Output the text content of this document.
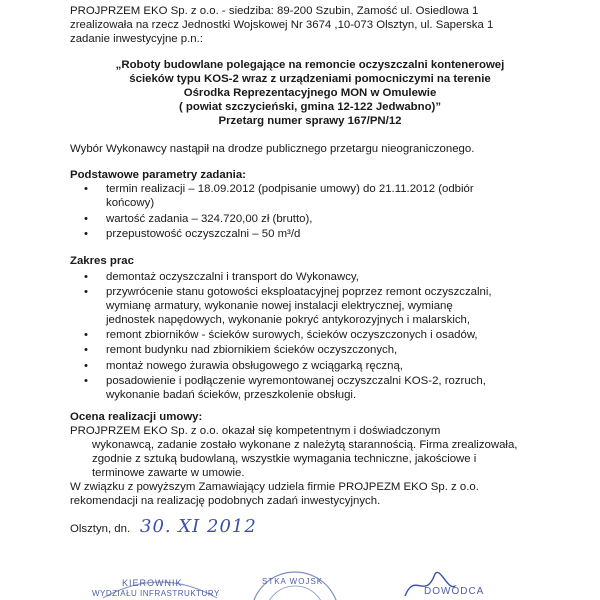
PROJPRZEM EKO Sp. z o.o. - siedziba: 89-200 Szubin, Zamość ul. Osiedlowa 1
zrealizowała na rzecz Jednostki Wojskowej Nr 3674 ,10-073 Olsztyn, ul. Saperska 1
zadanie inwestycyjne p.n.:
„Roboty budowlane polegające na remoncie oczyszczalni kontenerowej
ścieków typu KOS-2 wraz z urządzeniami pomocniczymi na terenie
Ośrodka Reprezentacyjnego MON w Omulewie
( powiat szczycieński, gmina 12-122 Jedwabno)”
Przetarg numer sprawy 167/PN/12
Wybór Wykonawcy nastąpił na drodze publicznego przetargu nieograniczonego.
Podstawowe parametry zadania:
• termin realizacji – 18.09.2012 (podpisanie umowy) do 21.11.2012 (odbiór
końcowy)
• wartość zadania – 324.720,00 zł (brutto),
• przepustowość oczyszczalni – 50 m³/d
Zakres prac
• demontaż oczyszczalni i transport do Wykonawcy,
• przywrócenie stanu gotowości eksploatacyjnej poprzez remont oczyszczalni,
wymianę armatury, wykonanie nowej instalacji elektrycznej, wymianę
jednostek napędowych, wykonanie pokryć antykorozyjnych i malarskich,
• remont zbiorników - ścieków surowych, ścieków oczyszczonych i osadów,
• remont budynku nad zbiornikiem ścieków oczyszczonych,
• montaż nowego żurawia obsługowego z wciągarką ręczną,
• posadowienie i podłączenie wyremontowanej oczyszczalni KOS-2, rozruch,
wykonanie badań ścieków, przeszkolenie obsługi.
Ocena realizacji umowy:
PROJPRZEM EKO Sp. z o.o. okazał się kompetentnym i doświadczonym
wykonawcą, zadanie zostało wykonane z należytą starannością. Firma zrealizowała,
zgodnie z sztuką budowlaną, wszystkie wymagania techniczne, jakościowe i
terminowe zawarte w umowie.
W związku z powyższym Zamawiający udziela firmie PROJPEZM EKO Sp. z o.o.
rekomendacji na realizację podobnych zadań inwestycyjnych.
Olsztyn, dn. 30. XI 2012
KIEROWNIK
WYDZIAŁU INFRASTRUKTURY
STKA WOJSK
DOWÓDCA
